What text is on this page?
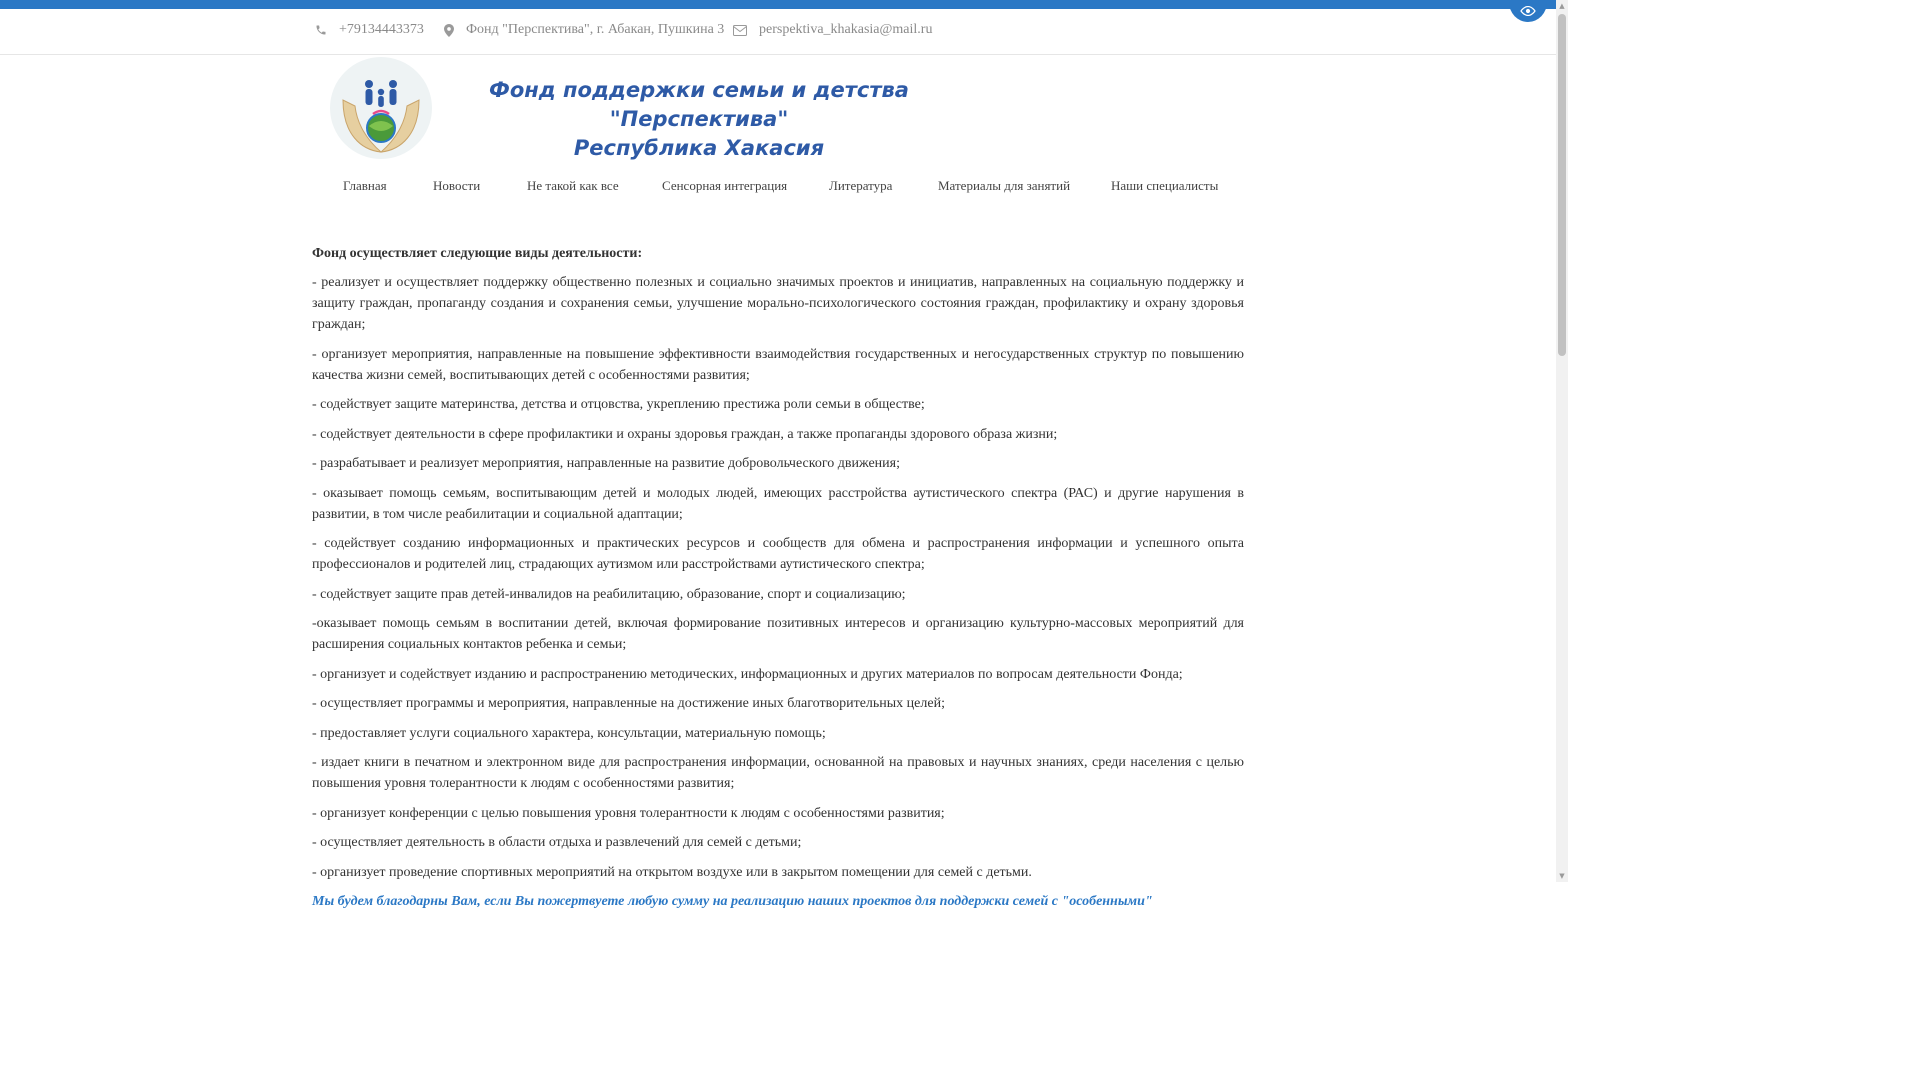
+79134443373	Фонд "Перспектива", г. Абакан, Пушкина 3 perspektiva_khakasia@mail.ru
Фонд поддержки семьи и детства "Перспектива"
Республика Хакасия
Главная	Новости	Не такой как все	Сенсорная интеграция	Литература	Материалы для занятий	Наши специалисты
Фонд осуществляет следующие виды деятельности:

- реализует и осуществляет поддержку общественно полезных и социально значимых проектов и инициатив, направленных на социальную поддержку и защиту граждан, пропаганду создания и сохранения семьи, улучшение морально-психологического состояния граждан, профилактику и охрану здоровья граждан;

- организует мероприятия, направленные на повышение эффективности взаимодействия государственных и негосударственных структур по повышению качества жизни семей, воспитывающих детей с особенностями развития;

- содействует защите материнства, детства и отцовства, укреплению престижа роли семьи в обществе;

- содействует деятельности в сфере профилактики и охраны здоровья граждан, а также пропаганды здорового образа жизни;

- разрабатывает и реализует мероприятия, направленные на развитие добровольческого движения;

- оказывает помощь семьям, воспитывающим детей и молодых людей, имеющих расстройства аутистического спектра (РАС) и другие нарушения в развитии, в том числе реабилитации и социальной адаптации;

- содействует созданию информационных и практических ресурсов и сообществ для обмена и распространения информации и успешного опыта профессионалов и родителей лиц, страдающих аутизмом или расстройствами аутистического спектра;

- содействует защите прав детей-инвалидов на реабилитацию, образование, спорт и социализацию;

-оказывает помощь семьям в воспитании детей, включая формирование позитивных интересов и организацию культурно-массовых мероприятий для расширения социальных контактов ребенка и семьи;

- организует и содействует изданию и распространению методических, информационных и других материалов по вопросам деятельности Фонда;

- осуществляет программы и мероприятия, направленные на достижение иных благотворительных целей;

- предоставляет услуги социального характера, консультации, материальную помощь;

- издает книги в печатном и электронном виде для распространения информации, основанной на правовых и научных знаниях, среди населения с целью повышения уровня толерантности к людям с особенностями развития;

- организует конференции с целью повышения уровня толерантности к людям с особенностями развития;

- осуществляет деятельность в области отдыха и развлечений для семей с детьми;

- организует проведение спортивных мероприятий на открытом воздухе или в закрытом помещении для семей с детьми.

Мы будем благодарны Вам, если Вы пожертвуете любую сумму на реализацию наших проектов для поддержки семей с "особенными"

▲
▼
